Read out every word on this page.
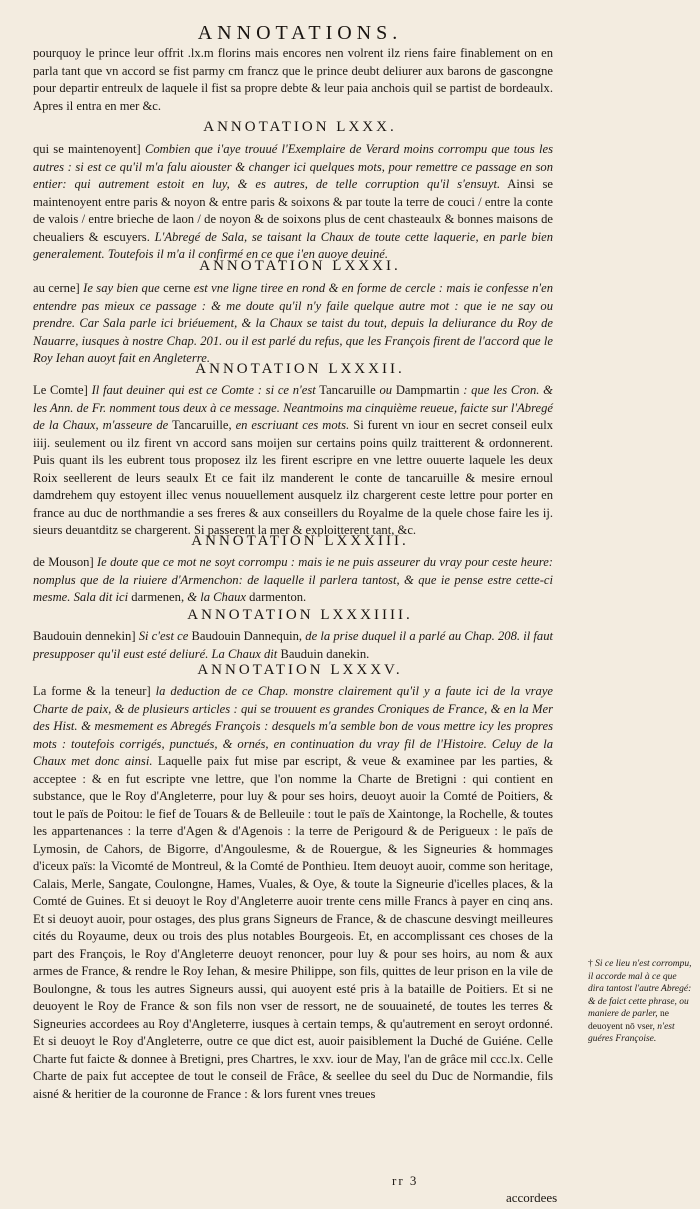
ANNOTATIONS.

pourquoy le prince leur offrit .lx.m florins mais encores nen volrent ilz riens faire finablement on en parla tant que vn accord se fist parmy cm francz que le prince deubt deliurer aux barons de gascongne pour departir entreulx de laquele il fist sa propre debte & leur paia anchois quil se partist de bordeaulx. Apres il entra en mer &c.

ANNOTATION LXXX.

qui se maintenoyent] Combien que i'aye trouué l'Exemplaire de Verard moins corrompu que tous les autres : si est ce qu'il m'a falu aiouster & changer ici quelques mots, pour remettre ce passage en son entier: qui autrement estoit en luy, & es autres, de telle corruption qu'il s'ensuyt. Ainsi se maintenoyent entre paris & noyon & entre paris & soixons & par toute la terre de couci / entre la conte de valois / entre brieche de laon / de noyon & de soixons plus de cent chasteaulx & bonnes maisons de cheualiers & escuyers. L'Abregé de Sala, se taisant la Chaux de toute cette laquerie, en parle bien generalement. Toutefois il m'a il confirmé en ce que i'en auoye deuiné.

ANNOTATION LXXXI.

au cerne] Ie say bien que cerne est vne ligne tiree en rond & en forme de cercle : mais ie confesse n'en entendre pas mieux ce passage : & me doute qu'il n'y faile quelque autre mot : que ie ne say ou prendre. Car Sala parle ici briéuement, & la Chaux se taist du tout, depuis la deliurance du Roy de Nauarre, iusques à nostre Chap. 201. ou il est parlé du refus, que les François firent de l'accord que le Roy Iehan auoyt fait en Angleterre.

ANNOTATION LXXXII.

Le Comte] Il faut deuiner qui est ce Comte : si ce n'est Tancaruille ou Dampmartin : que les Cron. & les Ann. de Fr. nomment tous deux à ce message. Neantmoins ma cinquième reueue, faicte sur l'Abregé de la Chaux, m'asseure de Tancaruille, en escriuant ces mots. Si furent vn iour en secret conseil eulx iiij. seulement ou ilz firent vn accord sans moijen sur certains poins quilz traitterent & ordonnerent. Puis quant ils les eubrent tous proposez ilz les firent escripre en vne lettre ouuerte laquele les deux Roix seellerent de leurs seaulx Et ce fait ilz manderent le conte de tancaruille & mesire ernoul damdrehem quy estoyent illec venus nouuellement ausquelz ilz chargerent ceste lettre pour porter en france au duc de northmandie a ses freres & aux conseillers du Royalme de la quele chose faire les ij. sieurs deuantditz se chargerent. Si passerent la mer & exploitterent tant, &c.

ANNOTATION LXXXIII.

de Mouson] Ie doute que ce mot ne soyt corrompu : mais ie ne puis asseurer du vray pour ceste heure: nomplus que de la riuiere d'Armenchon: de laquelle il parlera tantost, & que ie pense estre cette-ci mesme. Sala dit ici darmenen, & la Chaux darmenton.

ANNOTATION LXXXIIII.

Baudouin dennekin] Si c'est ce Baudouin Dannequin, de la prise duquel il a parlé au Chap. 208. il faut presupposer qu'il eust esté deliuré. La Chaux dit Bauduin danekin.

ANNOTATION LXXXV.

La forme & la teneur] la deduction de ce Chap. monstre clairement qu'il y a faute ici de la vraye Charte de paix, & de plusieurs articles : qui se trouuent es grandes Croniques de France, & en la Mer des Hist. & mesmement es Abregés François : desquels m'a semble bon de vous mettre icy les propres mots : toutefois corrigés, punctués, & ornés, en continuation du vray fil de l'Histoire. Celuy de la Chaux met donc ainsi. Laquelle paix fut mise par escript, & veue & examinee par les parties, & acceptee : & en fut escripte vne lettre, que l'on nomme la Charte de Bretigni : qui contient en substance, que le Roy d'Angleterre, pour luy & pour ses hoirs, deuoyt auoir la Comté de Poitiers, & tout le païs de Poitou: le fief de Touars & de Belleuile : tout le païs de Xaintonge, la Rochelle, & toutes les appartenances : la terre d'Agen & d'Agenois : la terre de Perigourd & de Perigueux : le païs de Lymosin, de Cahors, de Bigorre, d'Angoulesme, & de Rouergue, & les Signeuries & hommages d'iceux païs: la Vicomté de Montreul, & la Comté de Ponthieu. Item deuoyt auoir, comme son heritage, Calais, Merle, Sangate, Coulongne, Hames, Vuales, & Oye, & toute la Signeurie d'icelles places, & la Comté de Guines. Et si deuoyt le Roy d'Angleterre auoir trente cens mille Francs à payer en cinq ans. Et si deuoyt auoir, pour ostages, des plus grans Signeurs de France, & de chascune desvingt meilleures cités du Royaume, deux ou trois des plus notables Bourgeois. Et, en accomplissant ces choses de la part des François, le Roy d'Angleterre deuoyt renoncer, pour luy & pour ses hoirs, au nom & aux armes de France, & rendre le Roy Iehan, & mesire Philippe, son fils, quittes de leur prison en la vile de Boulongne, & tous les autres Signeurs aussi, qui auoyent esté pris à la bataille de Poitiers. Et si ne deuoyent le Roy de France & son fils non vser de ressort, ne de souuaineté, de toutes les terres & Signeuries accordees au Roy d'Angleterre, iusques à certain temps, & qu'autrement en seroyt ordonné. Et si deuoyt le Roy d'Angleterre, outre ce que dict est, auoir paisiblement la Duché de Guiéne. Celle Charte fut faicte & donnee à Bretigni, pres Chartres, le xxv. iour de May, l'an de grâce mil ccc.lx. Celle Charte de paix fut acceptee de tout le conseil de Frâce, & seellee du seel du Duc de Normandie, fils aisné & heritier de la couronne de France : & lors furent vnes treues

† Si ce lieu n'est corrompu, il accorde mal à ce que dira tantost l'autre Abregé: & de faict cette phrase, ou maniere de parler, ne deuoyent nō vser, n'est guéres Françoise.
rr 3
accordees
